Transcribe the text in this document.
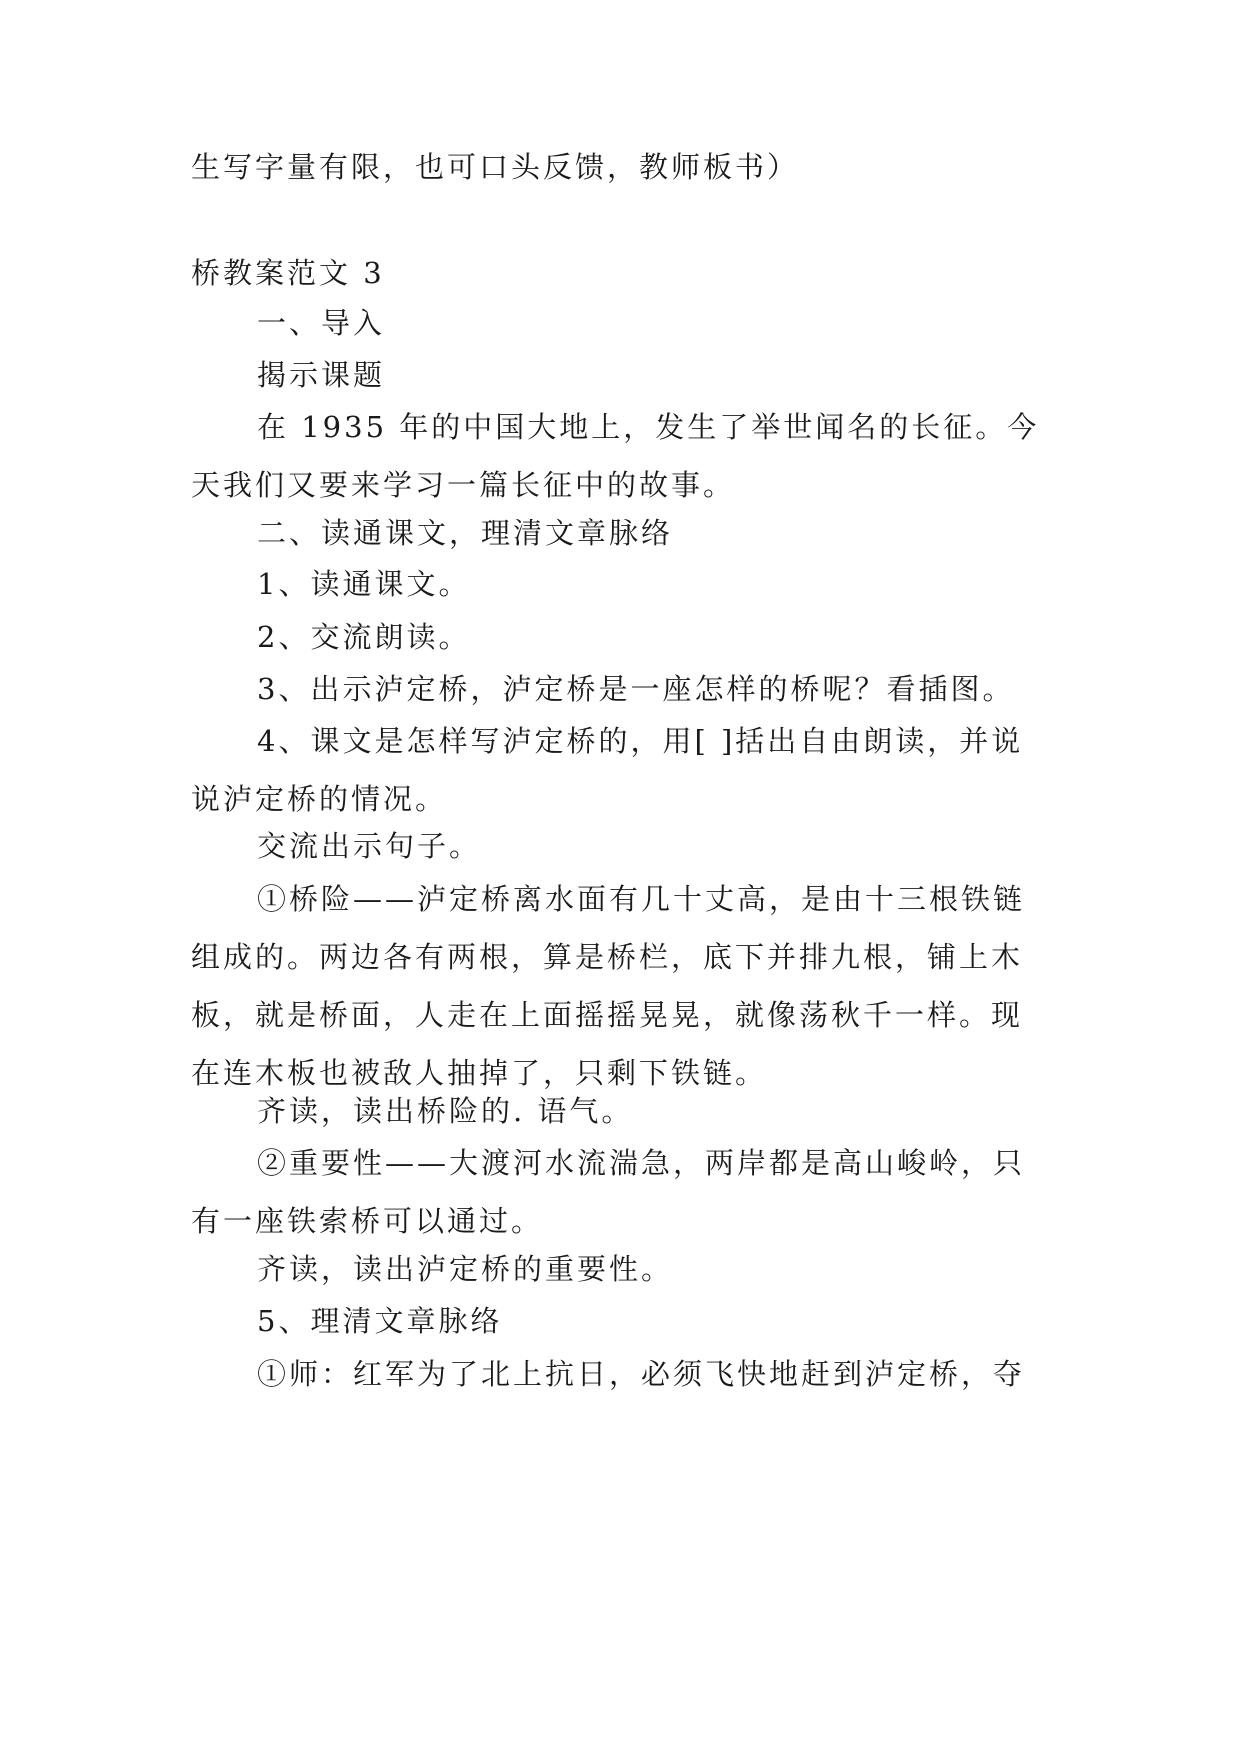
生写字量有限，也可口头反馈，教师板书）
桥教案范文 3
一、导入
揭示课题
在 1935 年的中国大地上，发生了举世闻名的长征。今天我们又要来学习一篇长征中的故事。
二、读通课文，理清文章脉络
1、读通课文。
2、交流朗读。
3、出示泸定桥，泸定桥是一座怎样的桥呢？看插图。
4、课文是怎样写泸定桥的，用[ ]括出自由朗读，并说说泸定桥的情况。
交流出示句子。
①桥险——泸定桥离水面有几十丈高，是由十三根铁链组成的。两边各有两根，算是桥栏，底下并排九根，铺上木板，就是桥面，人走在上面摇摇晃晃，就像荡秋千一样。现在连木板也被敌人抽掉了，只剩下铁链。
齐读，读出桥险的. 语气。
②重要性——大渡河水流湍急，两岸都是高山峻岭，只有一座铁索桥可以通过。
齐读，读出泸定桥的重要性。
5、理清文章脉络
①师：红军为了北上抗日，必须飞快地赶到泸定桥，夺
